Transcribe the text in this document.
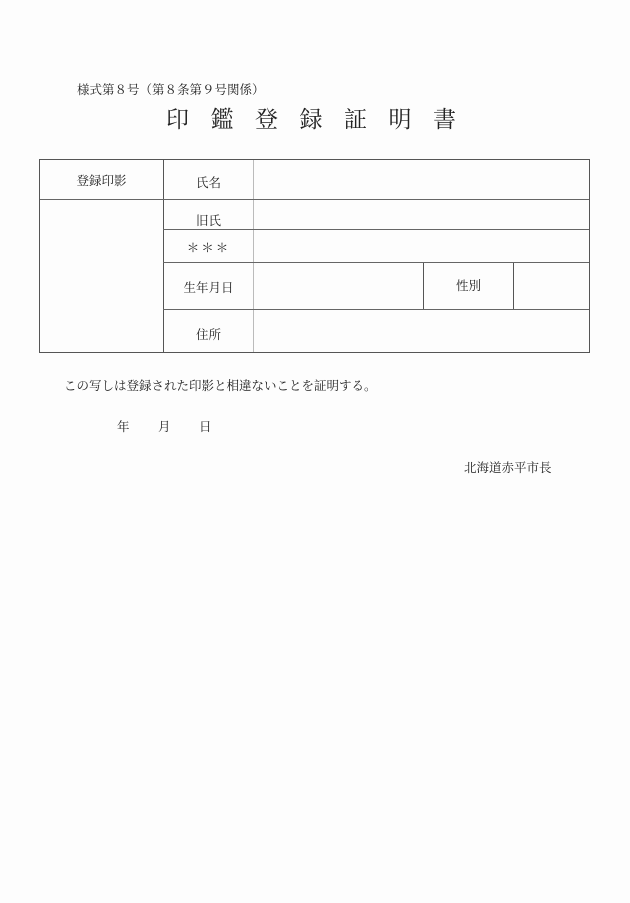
様式第８号（第８条第９号関係）
印 鑑 登 録 証 明 書
登録印影	氏名
旧氏
＊＊＊
生年月日	性別
住所
この写しは登録された印影と相違ないことを証明する。
年	月	日
北海道赤平市長
